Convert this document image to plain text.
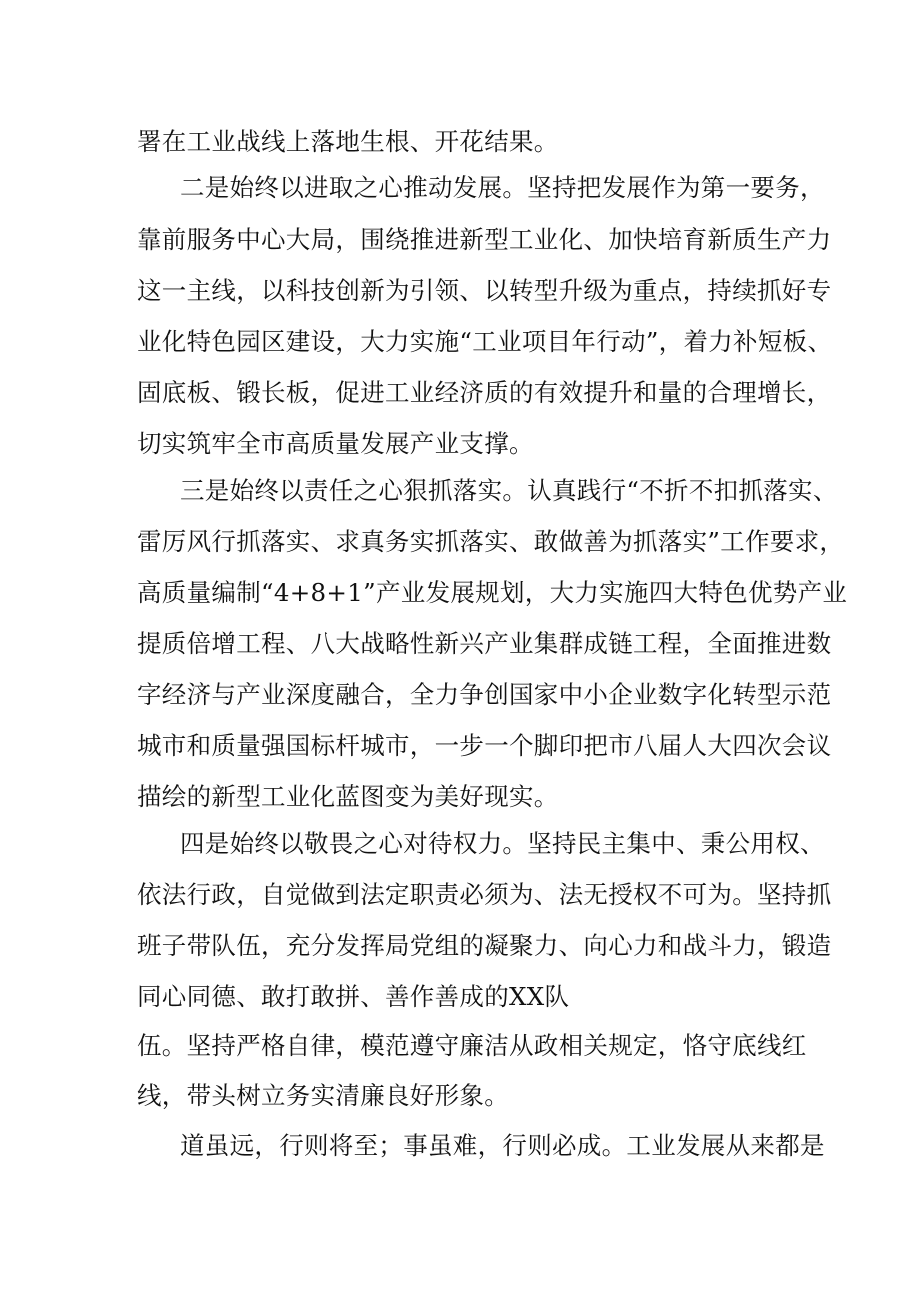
署在工业战线上落地生根、开花结果。
二是始终以进取之心推动发展。坚持把发展作为第一要务，
靠前服务中心大局，围绕推进新型工业化、加快培育新质生产力
这一主线，以科技创新为引领、以转型升级为重点，持续抓好专
业化特色园区建设，大力实施“工业项目年行动”，着力补短板、
固底板、锻长板，促进工业经济质的有效提升和量的合理增长，
切实筑牢全市高质量发展产业支撑。
三是始终以责任之心狠抓落实。认真践行“不折不扣抓落实、
雷厉风行抓落实、求真务实抓落实、敢做善为抓落实”工作要求，
高质量编制“4+8+1”产业发展规划，大力实施四大特色优势产业
提质倍增工程、八大战略性新兴产业集群成链工程，全面推进数
字经济与产业深度融合，全力争创国家中小企业数字化转型示范
城市和质量强国标杆城市，一步一个脚印把市八届人大四次会议
描绘的新型工业化蓝图变为美好现实。
四是始终以敬畏之心对待权力。坚持民主集中、秉公用权、
依法行政，自觉做到法定职责必须为、法无授权不可为。坚持抓
班子带队伍，充分发挥局党组的凝聚力、向心力和战斗力，锻造
同心同德、敢打敢拼、善作善成的XX队
伍。坚持严格自律，模范遵守廉洁从政相关规定，恪守底线红
线，带头树立务实清廉良好形象。
道虽远，行则将至；事虽难，行则必成。工业发展从来都是
